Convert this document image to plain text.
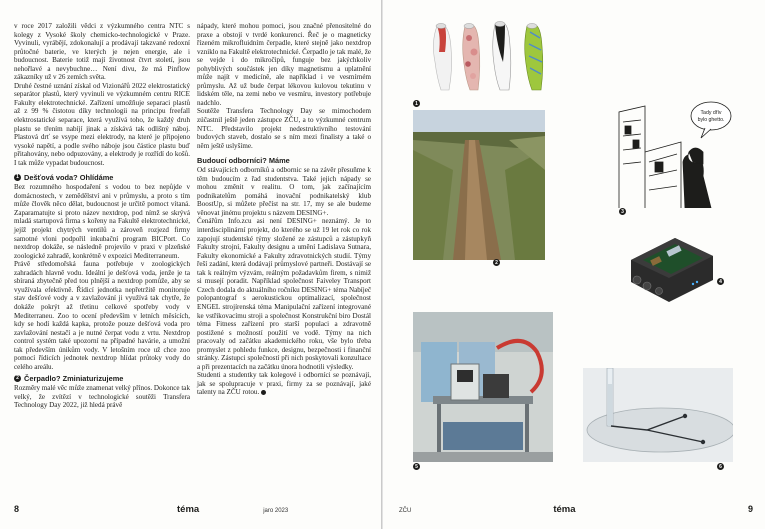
v roce 2017 založili vědci z výzkumného centra NTC s kolegy z Vysoké školy chemicko-technologické v Praze. Vyvinuli, vyrábějí, zdokonalují a prodávají takzvané redoxní průtočné baterie, ve kterých je nejen energie, ale i budoucnost. Baterie totiž mají životnost čtvrt století, jsou nehořlavé a nevybuchne… Není divu, že má Pinflow zákazníky už v 26 zemích světa.

Druhé čestné uznání získal od Vizionářů 2022 elektrostatický separátor plastů, který vyvinuli ve výzkumném centru RICE Fakulty elektrotechnické. Zařízení umožňuje separaci plastů až z 99 % čistotou díky technologii na principu freefall elektrostatické separace, která využívá toho, že každý druh plastu se třením nabíjí jinak a získává tak odlišný náboj. Plastová drť se vsype mezi elektrody, na které je připojeno vysoké napětí, a podle svého náboje jsou částice plastu buď přitahovány, nebo odpuzovány, a elektrody je rozřídí do košů. I tak může vypadat budoucnost.

1 Dešťová voda? Ohlídáme

Bez rozumného hospodaření s vodou to bez nepůjde v domácnostech, v zemědělství ani v průmyslu, a proto s tím může člověk něco dělat, budoucnost je určitě pomoct vítaná. Zaparamatujte si proto název nextdrop, pod nímž se skrývá mladá startupová firma s kořeny na Fakultě elektrotechnické, jejíž projekt chytrých ventilů a zároveň rozjezd firmy samotné vloni podpořil inkubační program BICPort. Co nextdrop dokáže, se následně projevilo v praxi v plzeňské zoologické zahradě, konkrétně v expozici Mediterraneum.

Právě středomořská fauna potřebuje v zoologických zahradách hlavně vodu. Ideální je dešťová voda, jenže je ta sbíraná zbytečně před tou plnější a nextdrop pomůže, aby se využívala efektivně. Řídicí jednotka nepřetržitě monitoruje stav dešťové vody a v zavlažování ji využívá tak chytře, že dokáže pokrýt až třetinu celkové spotřeby vody v Mediterraneu. Zoo to ocení především v letních měsících, kdy se hodí každá kapka, protože pouze dešťová voda pro zavlažování nestačí a je nutné čerpat vodu z vrtu. Nextdrop control systém také upozorní na případné havárie, a umožní tak především únikům vody. V letošním roce už chce zoo pomocí řídicích jednotek nextdrop hlídat průtoky vody do celého areálu.

2 Čerpadlo? Zminiaturizujeme

Rozměry malé věc může znamenat velký přínos. Dokonce tak velký, že zvítězí v technologické soutěži Transfera Technology Day 2022, již hledá právě

nápady, které mohou pomoci, jsou značné přenositelné do praxe a obstojí v tvrdé konkurenci. Řeč je o magneticky řízeném mikrofluidním čerpadle, které stejně jako nextdrop vzniklo na Fakultě elektrotechnické. Čerpadlo je tak malé, že se vejde i do mikročipů, funguje bez jakýchkoliv pohyblivých součástek jen díky magnetismu a uplatnění může najít v medicíně, ale například i ve vesmírném průmyslu. Až už bude čerpat lékovou kulovou tekutinu v lidském těle, na zemi nebo ve vesmíru, investory potřebuje nadchlo.

Soutěže Transfera Technology Day se mimochodem zúčastnil ještě jeden zástupce ZČU, a to výzkumné centrum NTC. Představilo projekt nedestruktivního testování budových staveb, dostalo se s ním mezi finalisty a také o něm ještě uslyšíme.

Budoucí odborníci? Máme

Od stávajících odborníků a odbornic se na závěr přesuňme k těm budoucím z řad studentstva. Také jejich nápady se mohou změnit v realitu. O tom, jak začínajícím podnikatelům pomáhá inovační podnikatelský klub BoostUp, si můžete přečíst na str. 17, my se ale budeme věnovat jinému projektu s názvem DESING+.

Čenářům Info.zcu asi není DESING+ neznámý. Je to interdisciplinární projekt, do kterého se už 19 let rok co rok zapojují studentské týmy složené ze zástupců a zástupkyň Fakulty strojní, Fakulty designu a umění Ladislava Sutnara, Fakulty ekonomické a Fakulty zdravotnických studií. Týmy řeší zadání, která dodávají průmyslové partneři. Dostávají se tak k reálným výzvám, reálným požadavkům firem, s nimiž si musejí poradit. Například společnost Faiveley Transport Czech dodala do aktuálního ročníku DESING+ téma Nabíječ polopantograf s aerokustickou optimalizací, společnost ENGEL strojírenská téma Manipulační zařízení integrované ke vstřikovacímu stroji a společnost Konstrukční biro Dostál téma Fitness zařízení pro starší populaci a zdravotně postižené s možností použití ve vodě. Týmy na nich pracovaly od začátku akademického roku, vše bylo třeba promyslet z pohledu funkce, designu, bezpečnosti i finanční stránky. Zástupci společností při nich poskytovali konzultace a při prezentacích na začátku února hodnotili výsledky.

Studenti a studentky tak kolegové i odborníci se poznávají, jak se spolupracuje v praxi, firmy za se poznávají, jaké talenty na ZČU rotou.

8	téma	jaro 2023
1
2
Tady dřív
bylo ghetto.
3
4
5	6
ZČU	téma	9
